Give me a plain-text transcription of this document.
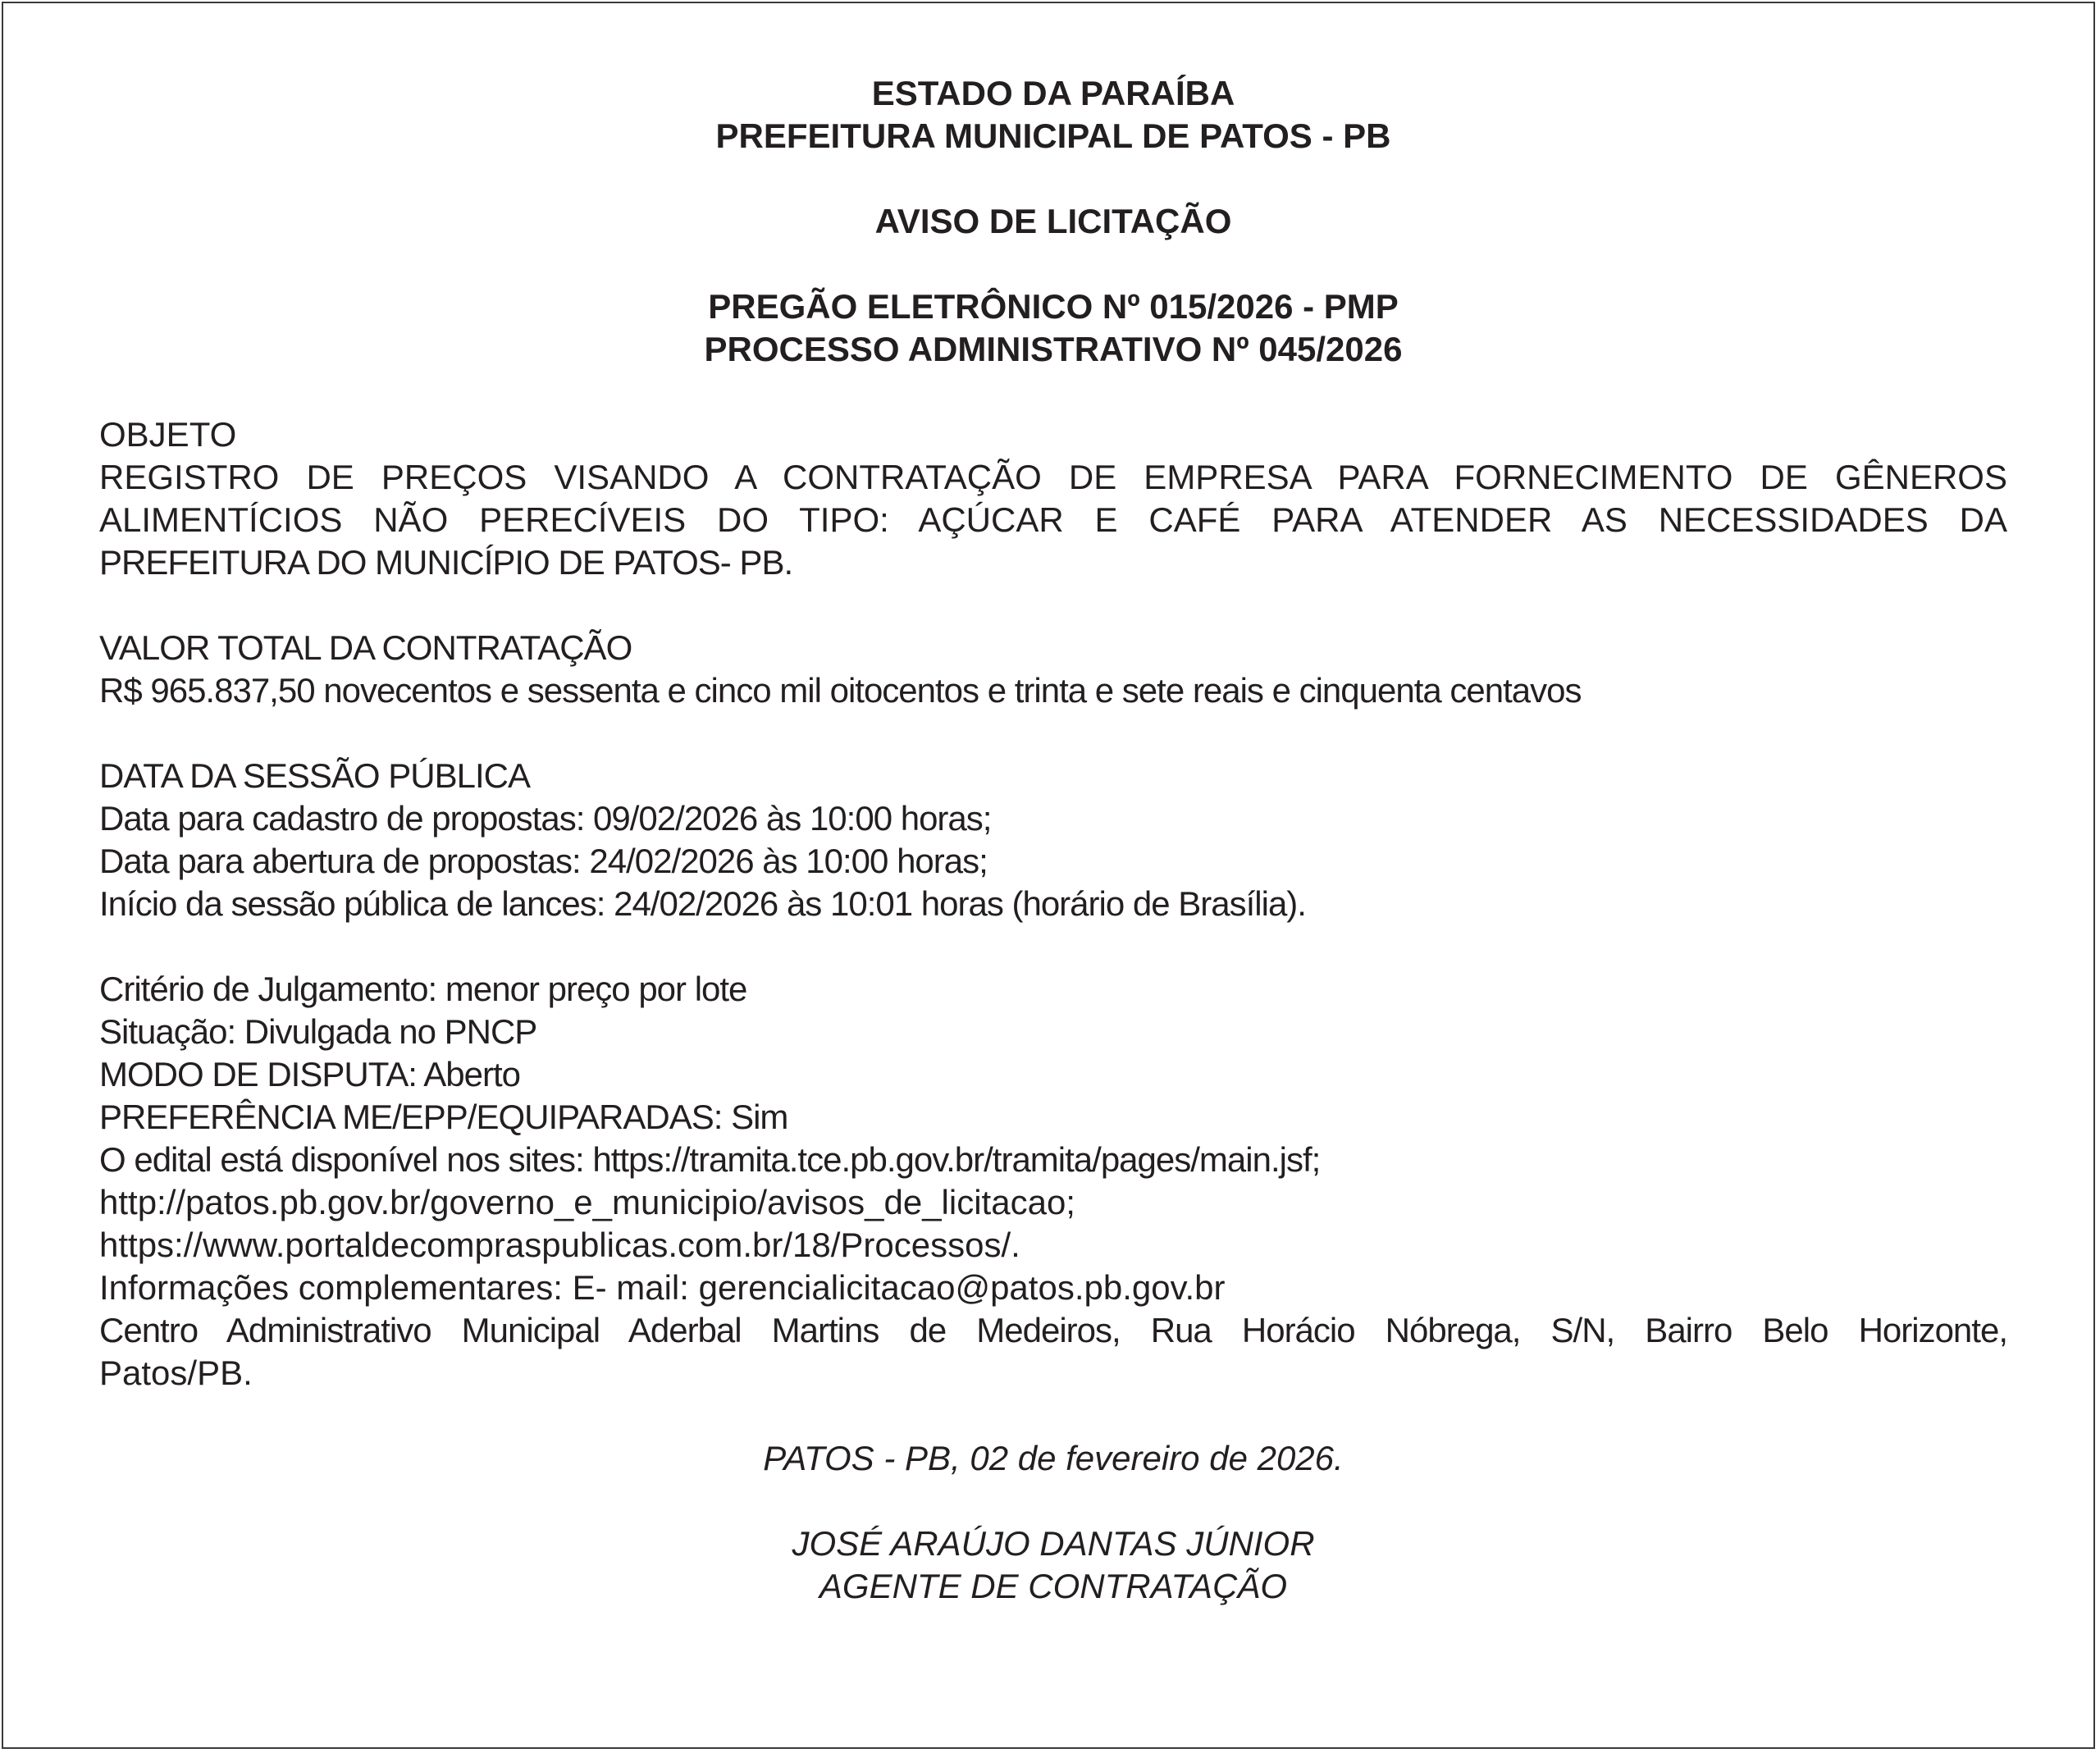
ESTADO DA PARAÍBA
PREFEITURA MUNICIPAL DE PATOS - PB
AVISO DE LICITAÇÃO
PREGÃO ELETRÔNICO Nº 015/2026 - PMP
PROCESSO ADMINISTRATIVO Nº 045/2026
OBJETO
REGISTRO DE PREÇOS VISANDO A CONTRATAÇÃO DE EMPRESA PARA FORNECIMENTO DE GÊNEROS
ALIMENTÍCIOS NÃO PERECÍVEIS DO TIPO: AÇÚCAR E CAFÉ PARA ATENDER AS NECESSIDADES DA
PREFEITURA DO MUNICÍPIO DE PATOS- PB.
VALOR TOTAL DA CONTRATAÇÃO
R$ 965.837,50 novecentos e sessenta e cinco mil oitocentos e trinta e sete reais e cinquenta centavos
DATA DA SESSÃO PÚBLICA
Data para cadastro de propostas: 09/02/2026 às 10:00 horas;
Data para abertura de propostas: 24/02/2026 às 10:00 horas;
Início da sessão pública de lances: 24/02/2026 às 10:01 horas (horário de Brasília).
Critério de Julgamento: menor preço por lote
Situação: Divulgada no PNCP
MODO DE DISPUTA: Aberto
PREFERÊNCIA ME/EPP/EQUIPARADAS: Sim
O edital está disponível nos sites: https://tramita.tce.pb.gov.br/tramita/pages/main.jsf;
http://patos.pb.gov.br/governo_e_municipio/avisos_de_licitacao;
https://www.portaldecompraspublicas.com.br/18/Processos/.
Informações complementares: E- mail: gerencialicitacao@patos.pb.gov.br
Centro Administrativo Municipal Aderbal Martins de Medeiros, Rua Horácio Nóbrega, S/N, Bairro Belo Horizonte,
Patos/PB.
PATOS - PB, 02 de fevereiro de 2026.
JOSÉ ARAÚJO DANTAS JÚNIOR
AGENTE DE CONTRATAÇÃO
